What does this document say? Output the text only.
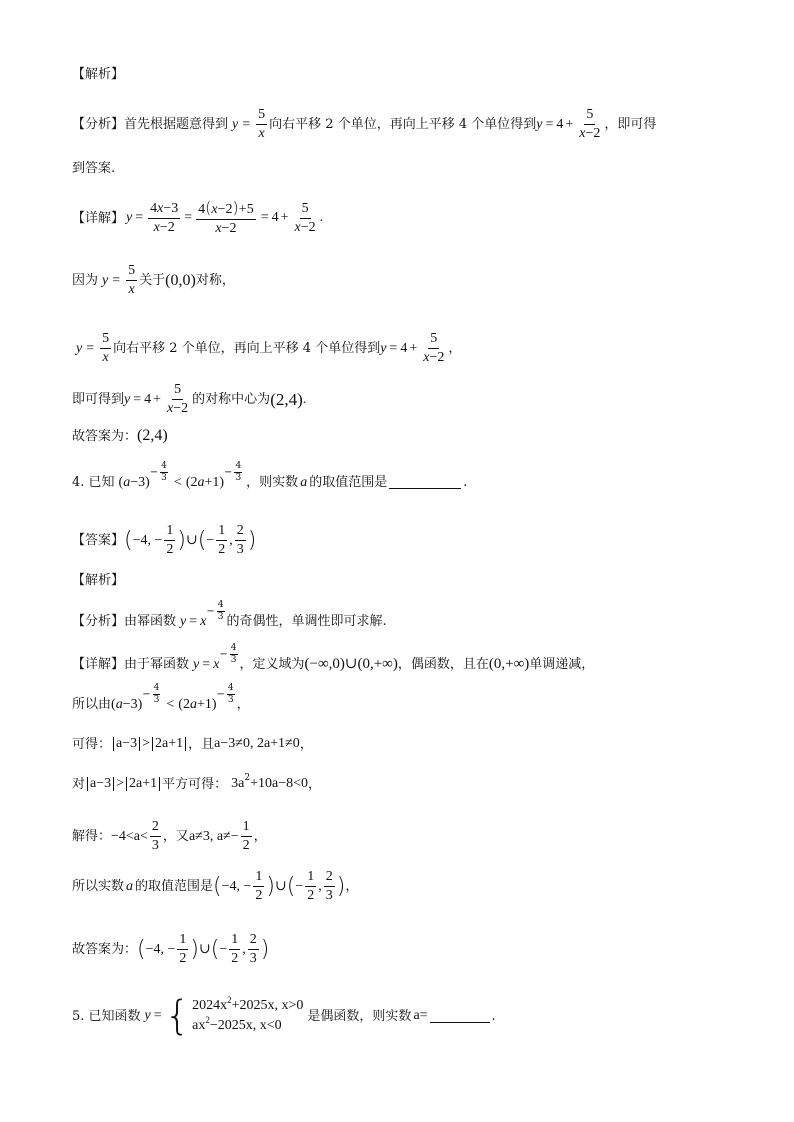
【解析】
【分析】 首先根据题意得到 $y = \frac{5}{x}$ 向右平移 2 个单位，再向上平移 4 个单位得到 $y = 4 + \frac{5}{x-2}$ ，即可得
到答案.
【详解】 $y = \frac{4x-3}{x-2} = \frac{4(x-2)+5}{x-2} = 4 + \frac{5}{x-2}$ .
因为 $y = \frac{5}{x}$ 关于 (0,0) 对称，
$y = \frac{5}{x}$ 向右平移 2 个单位，再向上平移 4 个单位得到 $y = 4 + \frac{5}{x-2}$ ，
即可得到 $y = 4 + \frac{5}{x-2}$ 的对称中心为 (2,4) .
故答案为： (2,4)
4. 已知 (a−3)
− $\frac{4}{3} < (2a+1)$
− $\frac{4}{3}$ ，则实数 a 的取值范围是	.
【答案】 ( −4, − $\frac{1}{2}$ ) ∪ ( − $\frac{1}{2}$ , $\frac{2}{3}$ )
【解析】
【分析】 由幂函数 y = x
− $\frac{4}{3}$ 的奇偶性，单调性即可求解.
【详解】 由于幂函数 y = x
− $\frac{4}{3}$ ，定义域为 (−∞,0)∪(0,+∞) ，偶函数，且在 (0,+∞) 单调递减，
所以由 (a−3)
− $\frac{4}{3} < (2a+1)$
− $\frac{4}{3}$ ，
可得： a−3 > 2a+1 ，且 a−3≠0, 2a+1≠0 ，
对 a−3 > 2a+1 平方可得： 3a 2 +10a−8<0 ，
解得： $-4<a< \frac{2}{3}$ ，又 a≠3, $a\ne- \frac{1}{2}$ ，
所以实数 a 的取值范围是 ( −4, − $\frac{1}{2}$ ) ∪ ( − $\frac{1}{2}$ , $\frac{2}{3}$ ) ，
故答案为： ( −4, − $\frac{1}{2}$ ) ∪ ( − $\frac{1}{2}$ , $\frac{2}{3}$ )
5. 已知函数 y = { 2024x2+2025x, x>0
ax2−2025x, x<0
是偶函数，则实数 a=	.
